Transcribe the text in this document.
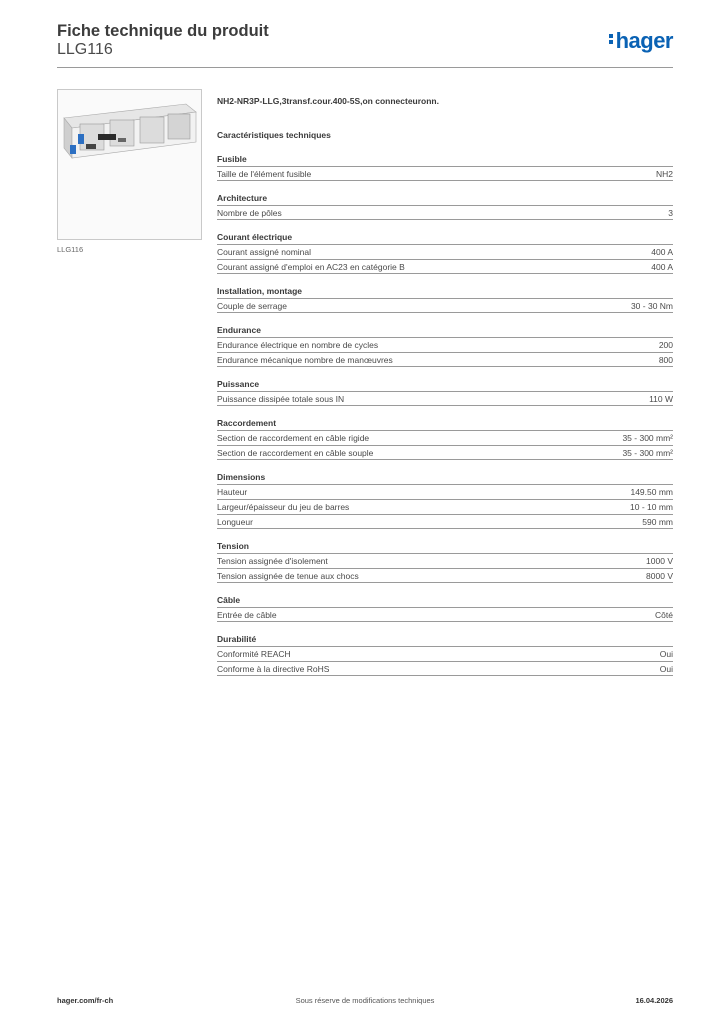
Fiche technique du produit
LLG116	hager
LLG116
NH2-NR3P-LLG,3transf.cour.400-5S,on connecteuronn.
Caractéristiques techniques
Fusible
Taille de l'élément fusible	NH2
Architecture
Nombre de pôles	3
Courant électrique
Courant assigné nominal	400 A
Courant assigné d'emploi en AC23 en catégorie B	400 A
Installation, montage
Couple de serrage	30 - 30 Nm
Endurance
Endurance électrique en nombre de cycles	200
Endurance mécanique nombre de manœuvres	800
Puissance
Puissance dissipée totale sous IN	110 W
Raccordement
Section de raccordement en câble rigide	35 - 300 mm²
Section de raccordement en câble souple	35 - 300 mm²
Dimensions
Hauteur	149.50 mm
Largeur/épaisseur du jeu de barres	10 - 10 mm
Longueur	590 mm
Tension
Tension assignée d'isolement	1000 V
Tension assignée de tenue aux chocs	8000 V
Câble
Entrée de câble	Côté
Durabilité
Conformité REACH	Oui
Conforme à la directive RoHS	Oui
hager.com/fr-ch	Sous réserve de modifications techniques	16.04.2026
